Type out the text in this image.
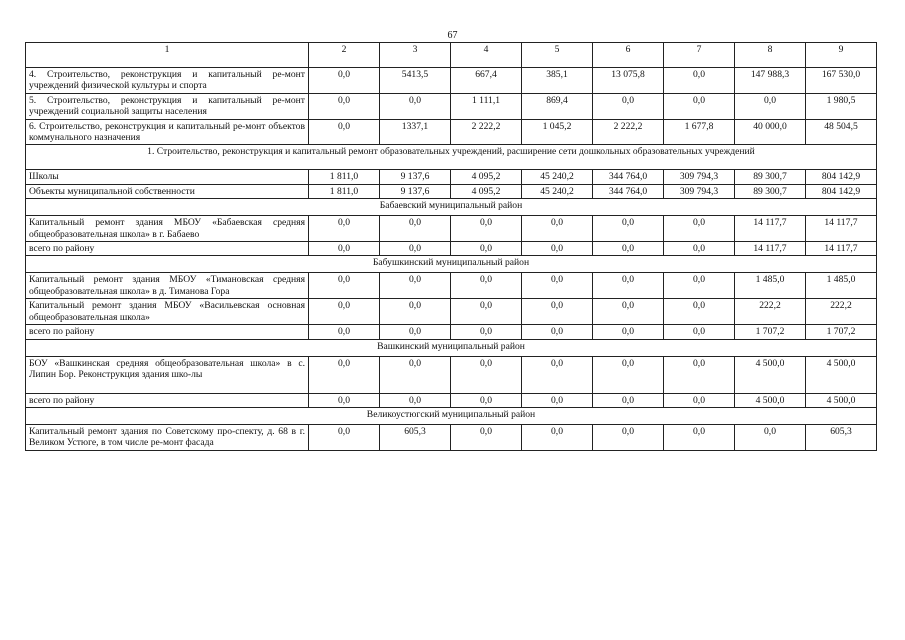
67
1	2	3	4	5	6	7	8	9
4. Строительство, реконструкция и капитальный ре-монт учреждений физической культуры и спорта	0,0	5413,5	667,4	385,1	13 075,8	0,0	147 988,3	167 530,0
5. Строительство, реконструкция и капитальный ре-монт учреждений социальной защиты населения	0,0	0,0	1 111,1	869,4	0,0	0,0	0,0	1 980,5
6. Строительство, реконструкция и капитальный ре-монт объектов коммунального назначения	0,0	1337,1	2 222,2	1 045,2	2 222,2	1 677,8	40 000,0	48 504,5
1. Строительство, реконструкция и капитальный ремонт образовательных учреждений, расширение сети дошкольных образовательных учреждений								
Школы	1 811,0	9 137,6	4 095,2	45 240,2	344 764,0	309 794,3	89 300,7	804 142,9
Объекты муниципальной собственности	1 811,0	9 137,6	4 095,2	45 240,2	344 764,0	309 794,3	89 300,7	804 142,9
Бабаевский муниципальный район								
Капитальный ремонт здания МБОУ «Бабаевская средняя общеобразовательная школа» в г. Бабаево	0,0	0,0	0,0	0,0	0,0	0,0	14 117,7	14 117,7
всего по району	0,0	0,0	0,0	0,0	0,0	0,0	14 117,7	14 117,7
Бабушкинский муниципальный район								
Капитальный ремонт здания МБОУ «Тимановская средняя общеобразовательная школа» в д. Тиманова Гора	0,0	0,0	0,0	0,0	0,0	0,0	1 485,0	1 485,0
Капитальный ремонт здания МБОУ «Васильевская основная общеобразовательная школа»	0,0	0,0	0,0	0,0	0,0	0,0	222,2	222,2
всего по району	0,0	0,0	0,0	0,0	0,0	0,0	1 707,2	1 707,2
Вашкинский муниципальный район								
БОУ «Вашкинская средняя общеобразовательная школа» в с. Липин Бор. Реконструкция здания шко-лы	0,0	0,0	0,0	0,0	0,0	0,0	4 500,0	4 500,0
всего по району	0,0	0,0	0,0	0,0	0,0	0,0	4 500,0	4 500,0
Великоустюгский муниципальный район								
Капитальный ремонт здания по Советскому про-спекту, д. 68 в г. Великом Устюге, в том числе ре-монт фасада	0,0	605,3	0,0	0,0	0,0	0,0	0,0	605,3
